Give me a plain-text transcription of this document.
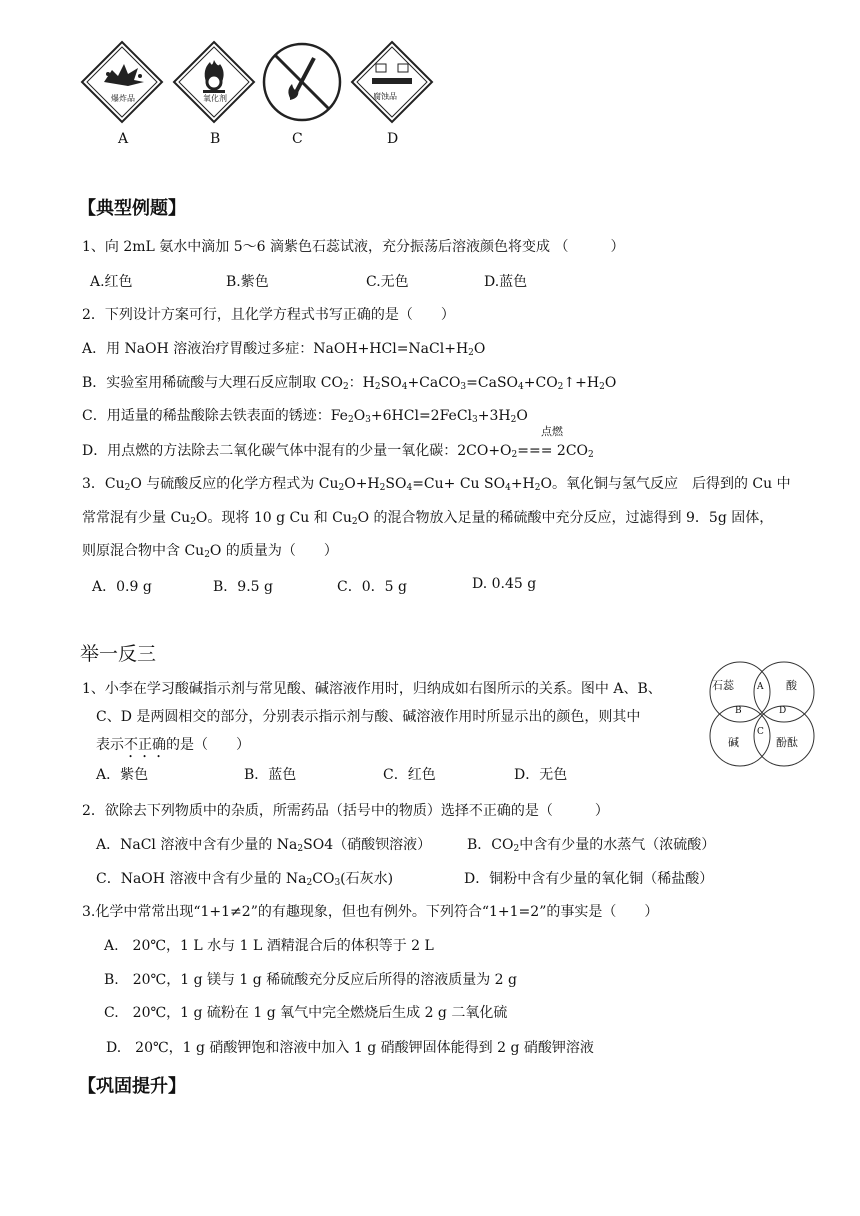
爆炸品	氧化剂	腐蚀品
A	B	C	D
【典型例题】
1、向 2mL 氨水中滴加 5～6 滴紫色石蕊试液，充分振荡后溶液颜色将变成 （　　　）
A.红色	B.紫色	C.无色	D.蓝色
2．下列设计方案可行，且化学方程式书写正确的是（　　）
A．用 NaOH 溶液治疗胃酸过多症：$NaOH+HCl=NaCl+H_2O$
B．实验室用稀硫酸与大理石反应制取 $CO_2$：$H_2SO_4+CaCO_3=CaSO_4+CO_2↑+H_2O$
C．用适量的稀盐酸除去铁表面的锈迹：$Fe_2O_3+6HCl=2FeCl_3+3H_2O$
点燃
D．用点燃的方法除去二氧化碳气体中混有的少量一氧化碳：$2CO+O_2=== 2CO_2$
3．$Cu_2O$ 与硫酸反应的化学方程式为 $Cu_2O+H_2SO_4=Cu+ Cu$ $SO_4+H_2O$。氧化铜与氢气反应　后得到的 Cu 中
常常混有少量 $Cu_2O$。现将 10 g Cu 和 $Cu_2O$ 的混合物放入足量的稀硫酸中充分反应，过滤得到 9．5g 固体，
则原混合物中含 $Cu_2O$ 的质量为（　　）
A．0.9 g	B．9.5 g	C．0．5 g	D. 0.45 g
举一反三
1、小李在学习酸碱指示剂与常见酸、碱溶液作用时，归纳成如右图所示的关系。图中 A、B、
C、D 是两圆相交的部分，分别表示指示剂与酸、碱溶液作用时所显示出的颜色，则其中
表示不正确的是（　　）
A．紫色	B．蓝色	C．红色	D．无色
石蕊	酸
碱	酚酞
A
B
C
D
2．欲除去下列物质中的杂质，所需药品（括号中的物质）选择不正确的是（　　　）
A．NaCl 溶液中含有少量的 $Na_2SO4$（硝酸钡溶液）	B．$CO_2$中含有少量的水蒸气（浓硫酸）
C．NaOH 溶液中含有少量的 $Na_2CO_3$(石灰水)	D．铜粉中含有少量的氧化铜（稀盐酸）
3.化学中常常出现“1+1≠2”的有趣现象，但也有例外。下列符合“1+1=2”的事实是（　　）
A.　20℃，1 L 水与 1 L 酒精混合后的体积等于 2 L
B.　20℃，1 g 镁与 1 g 稀硫酸充分反应后所得的溶液质量为 2 g
C.　20℃，1 g 硫粉在 1 g 氧气中完全燃烧后生成 2 g 二氧化硫
D.　20℃，1 g 硝酸钾饱和溶液中加入 1 g 硝酸钾固体能得到 2 g 硝酸钾溶液
【巩固提升】
